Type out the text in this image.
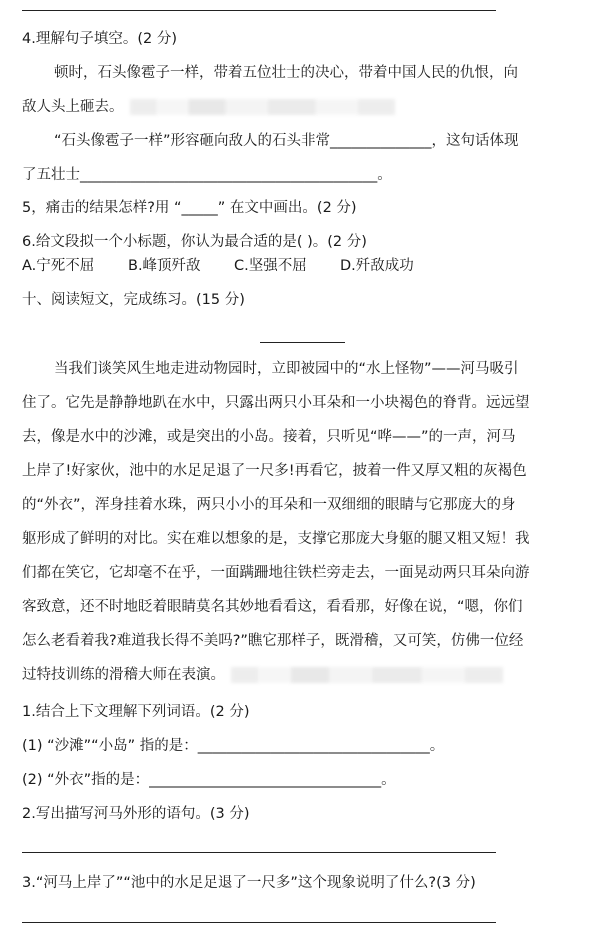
4.理解句子填空。(2 分)
顿时，石头像雹子一样，带着五位壮士的决心，带着中国人民的仇恨，向
敌人头上砸去。
“石头像雹子一样”形容砸向敌人的石头非常______________，这句话体现
了五壮士_________________________________________。
5，痛击的结果怎样?用 “_____” 在文中画出。(2 分)
6.给文段拟一个小标题，你认为最合适的是( )。(2 分)
A.宁死不屈 B.峰顶歼敌 C.坚强不屈 D.歼敌成功
十、阅读短文，完成练习。(15 分)
当我们谈笑风生地走进动物园时，立即被园中的“水上怪物”——河马吸引
住了。它先是静静地趴在水中，只露出两只小耳朵和一小块褐色的脊背。远远望
去，像是水中的沙滩，或是突出的小岛。接着，只听见“哗——”的一声，河马
上岸了!好家伙，池中的水足足退了一尺多!再看它，披着一件又厚又粗的灰褐色
的“外衣”，浑身挂着水珠，两只小小的耳朵和一双细细的眼睛与它那庞大的身
躯形成了鲜明的对比。实在难以想象的是，支撑它那庞大身躯的腿又粗又短！我
们都在笑它，它却毫不在乎，一面蹒跚地往铁栏旁走去，一面晃动两只耳朵向游
客致意，还不时地眨着眼睛莫名其妙地看看这，看看那，好像在说，“嗯，你们
怎么老看着我?难道我长得不美吗?”瞧它那样子，既滑稽，又可笑，仿佛一位经
过特技训练的滑稽大师在表演。
1.结合上下文理解下列词语。(2 分)
(1) “沙滩”“小岛” 指的是：________________________________。
(2) “外衣”指的是：________________________________。
2.写出描写河马外形的语句。(3 分)
3.“河马上岸了”“池中的水足足退了一尺多”这个现象说明了什么?(3 分)
